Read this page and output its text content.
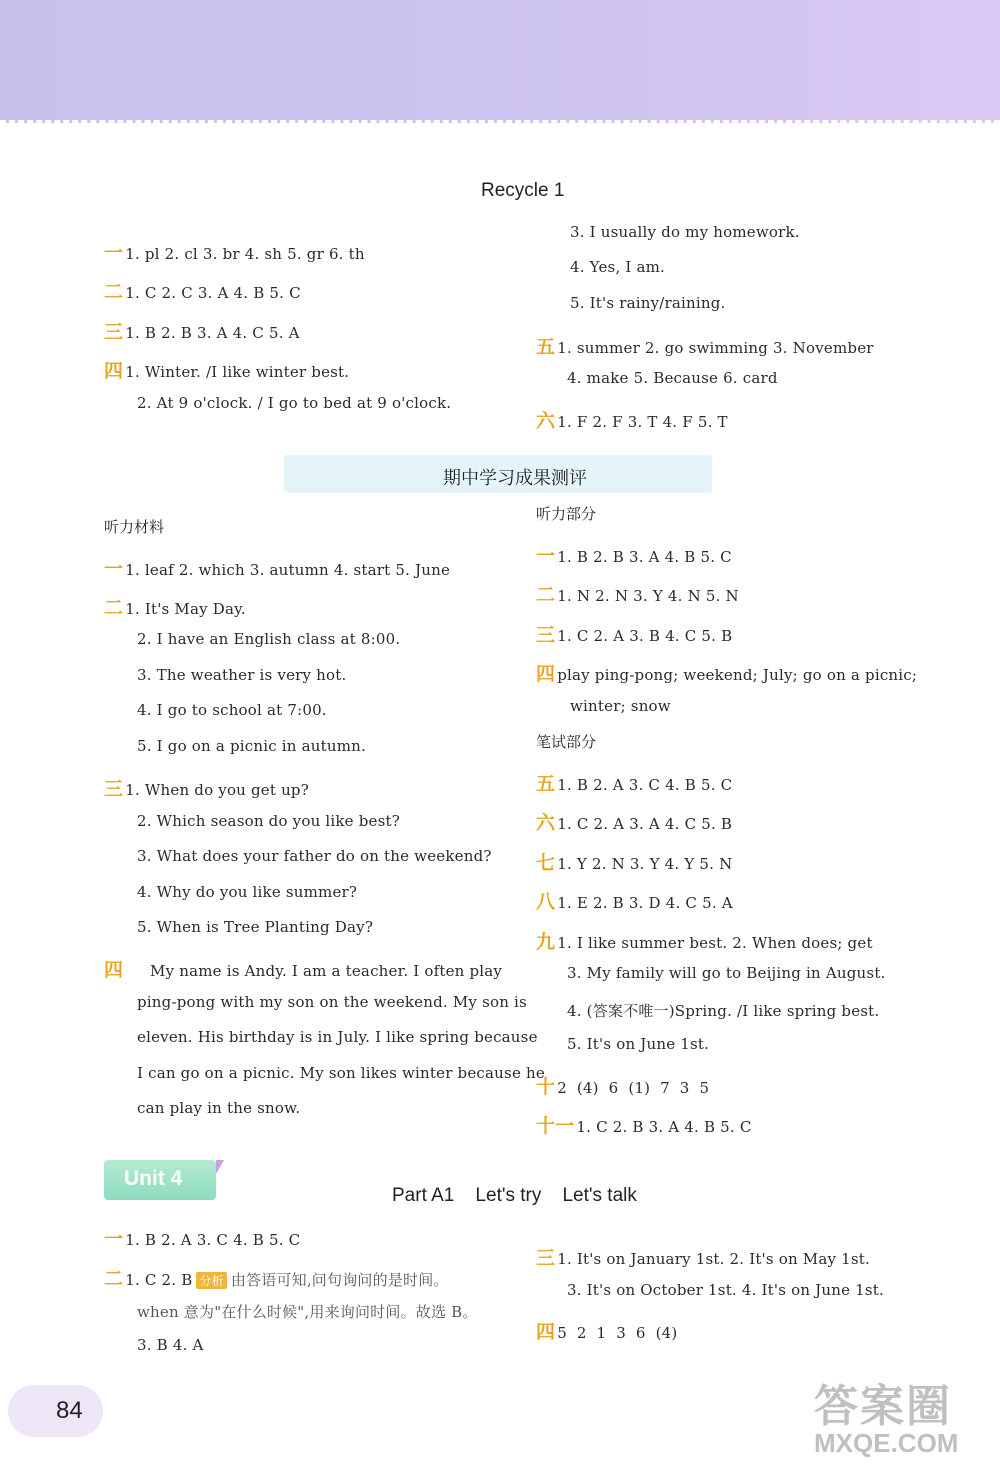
Recycle 1
一 1. pl 2. cl 3. br 4. sh 5. gr 6. th
二 1. C 2. C 3. A 4. B 5. C
三 1. B 2. B 3. A 4. C 5. A
四 1. Winter. /I like winter best.
2. At 9 o'clock. / I go to bed at 9 o'clock.
3. I usually do my homework.
4. Yes, I am.
5. It's rainy/raining.
五 1. summer 2. go swimming 3. November
4. make 5. Because 6. card
六 1. F 2. F 3. T 4. F 5. T
期中学习成果测评
听力材料
一 1. leaf 2. which 3. autumn 4. start 5. June
二 1. It's May Day.
2. I have an English class at 8:00.
3. The weather is very hot.
4. I go to school at 7:00.
5. I go on a picnic in autumn.
三 1. When do you get up?
2. Which season do you like best?
3. What does your father do on the weekend?
4. Why do you like summer?
5. When is Tree Planting Day?
四     My name is Andy. I am a teacher. I often play
ping-pong with my son on the weekend. My son is
eleven. His birthday is in July. I like spring because
I can go on a picnic. My son likes winter because he
can play in the snow.
听力部分
一 1. B 2. B 3. A 4. B 5. C
二 1. N 2. N 3. Y 4. N 5. N
三 1. C 2. A 3. B 4. C 5. B
四 play ping-pong; weekend; July; go on a picnic;
winter; snow
笔试部分
五 1. B 2. A 3. C 4. B 5. C
六 1. C 2. A 3. A 4. C 5. B
七 1. Y 2. N 3. Y 4. Y 5. N
八 1. E 2. B 3. D 4. C 5. A
九 1. I like summer best. 2. When does; get
3. My family will go to Beijing in August.
4. (答案不唯一)Spring. /I like spring best.
5. It's on June 1st.
十 2  (4)  6  (1)  7  3  5
十一 1. C 2. B 3. A 4. B 5. C
Unit 4
Part A1    Let's try    Let's talk
一 1. B 2. A 3. C 4. B 5. C
二 1. C 2. B 分析 由答语可知,问句询问的是时间。
when 意为"在什么时候",用来询问时间。故选 B。
3. B 4. A
三 1. It's on January 1st. 2. It's on May 1st.
3. It's on October 1st. 4. It's on June 1st.
四 5  2  1  3  6  (4)
84	答案圈
MXQE.COM
